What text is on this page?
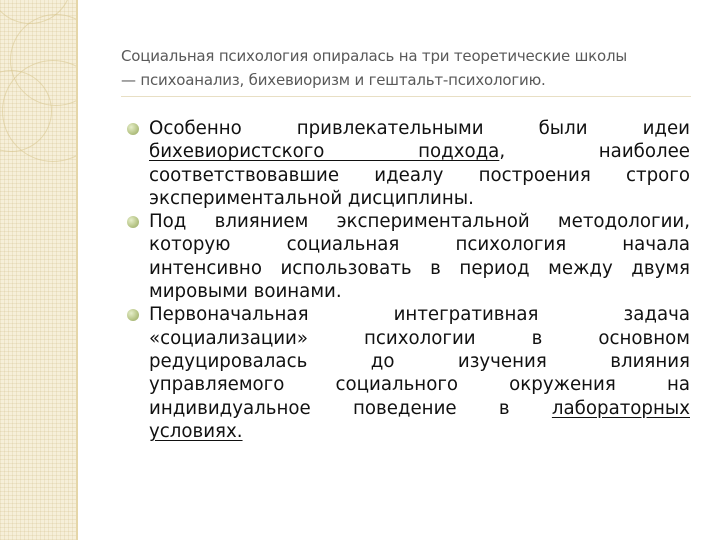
Социальная психология опиралась на три теоретические школы
— психоанализ, бихевиоризм и гештальт-психологию.
Особенно привлекательными были идеи
бихевиористского подхода, наиболее
соответствовавшие идеалу построения строго
экспериментальной дисциплины.
Под влиянием экспериментальной методологии,
которую социальная психология начала
интенсивно использовать в период между двумя
мировыми воинами.
Первоначальная интегративная задача
«социализации» психологии в основном
редуцировалась до изучения влияния
управляемого социального окружения на
индивидуальное поведение в лабораторных
условиях.
